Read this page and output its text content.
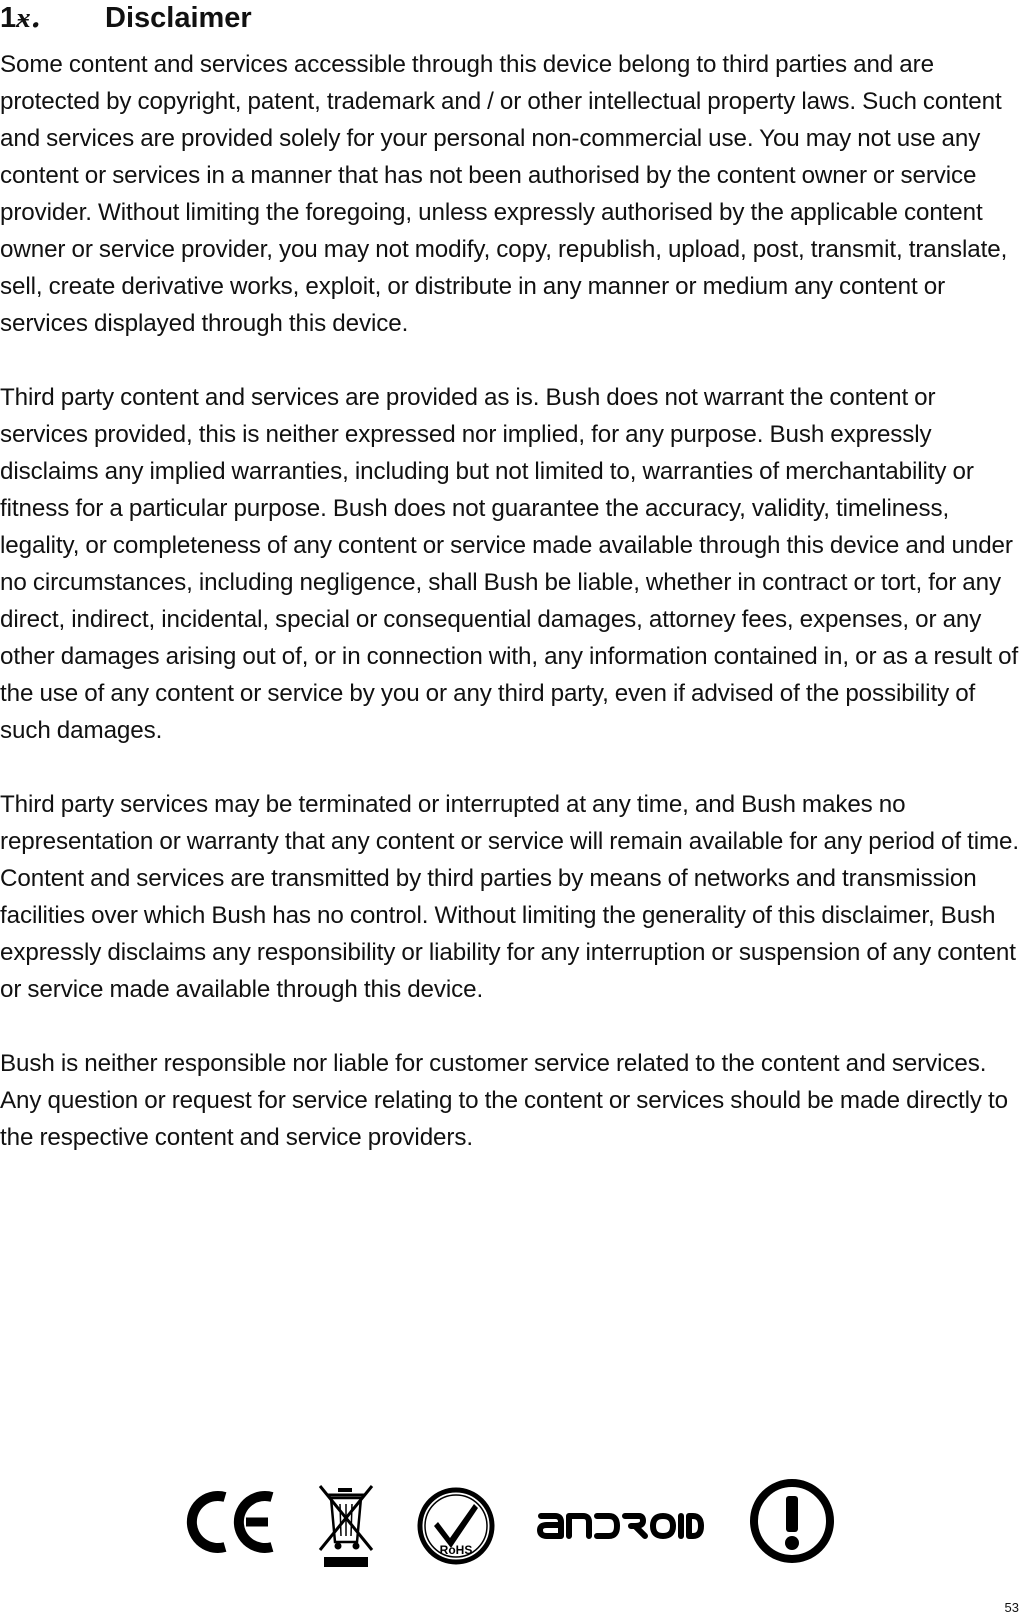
1ӿ. Disclaimer

Some content and services accessible through this device belong to third parties and are protected by copyright, patent, trademark and / or other intellectual property laws. Such content and services are provided solely for your personal non-commercial use. You may not use any content or services in a manner that has not been authorised by the content owner or service provider. Without limiting the foregoing, unless expressly authorised by the applicable content owner or service provider, you may not modify, copy, republish, upload, post, transmit, translate, sell, create derivative works, exploit, or distribute in any manner or medium any content or services displayed through this device.

Third party content and services are provided as is. Bush does not warrant the content or services provided, this is neither expressed nor implied, for any purpose. Bush expressly disclaims any implied warranties, including but not limited to, warranties of merchantability or fitness for a particular purpose. Bush does not guarantee the accuracy, validity, timeliness, legality, or completeness of any content or service made available through this device and under no circumstances, including negligence, shall Bush be liable, whether in contract or tort, for any direct, indirect, incidental, special or consequential damages, attorney fees, expenses, or any other damages arising out of, or in connection with, any information contained in, or as a result of the use of any content or service by you or any third party, even if advised of the possibility of such damages.

Third party services may be terminated or interrupted at any time, and Bush makes no representation or warranty that any content or service will remain available for any period of time. Content and services are transmitted by third parties by means of networks and transmission facilities over which Bush has no control. Without limiting the generality of this disclaimer, Bush expressly disclaims any responsibility or liability for any interruption or suspension of any content or service made available through this device.

Bush is neither responsible nor liable for customer service related to the content and services. Any question or request for service relating to the content or services should be made directly to the respective content and service providers.

RoHS
53
